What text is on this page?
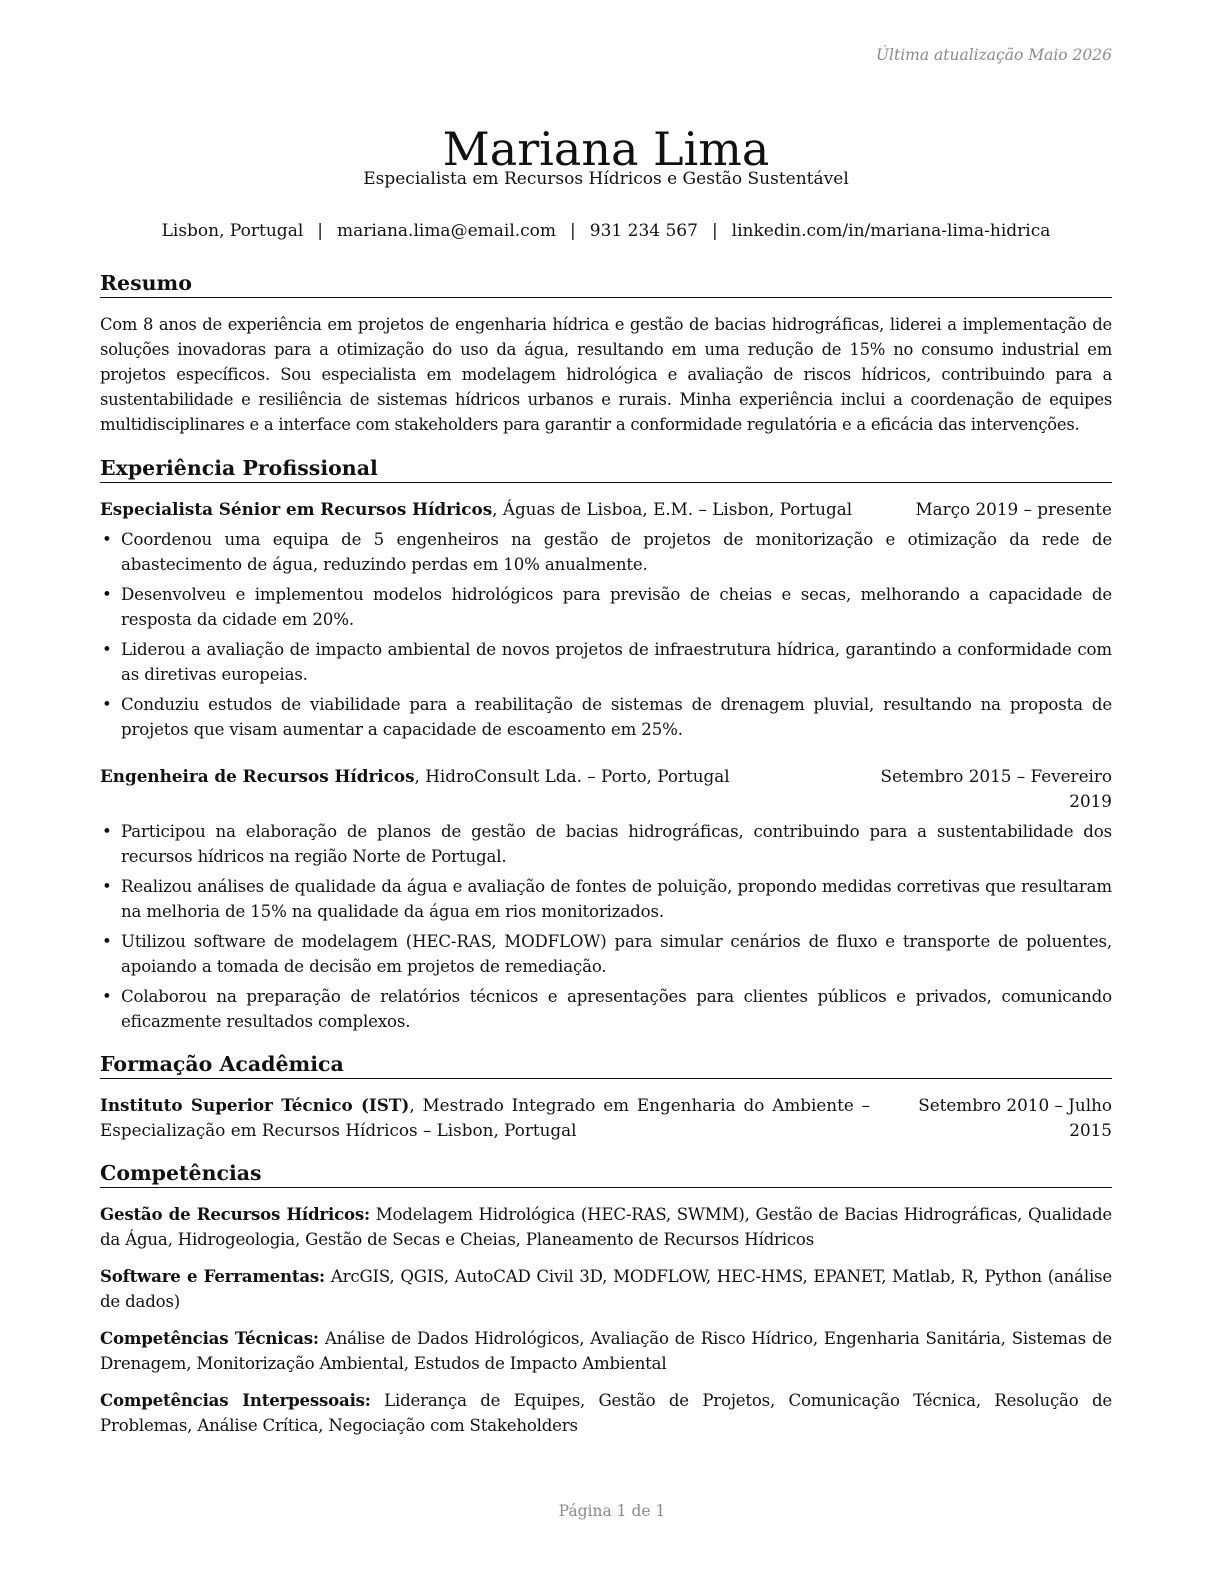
Última atualização Maio 2026
Mariana Lima
Especialista em Recursos Hídricos e Gestão Sustentável
Lisbon, Portugal | mariana.lima@email.com | 931 234 567 | linkedin.com/in/mariana-lima-hidrica
Resumo
Com 8 anos de experiência em projetos de engenharia hídrica e gestão de bacias hidrográficas, liderei a implementação de soluções inovadoras para a otimização do uso da água, resultando em uma redução de 15% no consumo industrial em projetos específicos. Sou especialista em modelagem hidrológica e avaliação de riscos hídricos, contribuindo para a sustentabilidade e resiliência de sistemas hídricos urbanos e rurais. Minha experiência inclui a coordenação de equipes multidisciplinares e a interface com stakeholders para garantir a conformidade regulatória e a eficácia das intervenções.
Experiência Profissional
Especialista Sénior em Recursos Hídricos, Águas de Lisboa, E.M. – Lisbon, Portugal	Março 2019 – presente
• Coordenou uma equipa de 5 engenheiros na gestão de projetos de monitorização e otimização da rede de abastecimento de água, reduzindo perdas em 10% anualmente.
• Desenvolveu e implementou modelos hidrológicos para previsão de cheias e secas, melhorando a capacidade de resposta da cidade em 20%.
• Liderou a avaliação de impacto ambiental de novos projetos de infraestrutura hídrica, garantindo a conformidade com as diretivas europeias.
• Conduziu estudos de viabilidade para a reabilitação de sistemas de drenagem pluvial, resultando na proposta de projetos que visam aumentar a capacidade de escoamento em 25%.
Engenheira de Recursos Hídricos, HidroConsult Lda. – Porto, Portugal	Setembro 2015 – Fevereiro 2019
• Participou na elaboração de planos de gestão de bacias hidrográficas, contribuindo para a sustentabilidade dos recursos hídricos na região Norte de Portugal.
• Realizou análises de qualidade da água e avaliação de fontes de poluição, propondo medidas corretivas que resultaram na melhoria de 15% na qualidade da água em rios monitorizados.
• Utilizou software de modelagem (HEC-RAS, MODFLOW) para simular cenários de fluxo e transporte de poluentes, apoiando a tomada de decisão em projetos de remediação.
• Colaborou na preparação de relatórios técnicos e apresentações para clientes públicos e privados, comunicando eficazmente resultados complexos.
Formação Acadêmica
Instituto Superior Técnico (IST), Mestrado Integrado em Engenharia do Ambiente – Especialização em Recursos Hídricos – Lisbon, Portugal
Setembro 2010 – Julho 2015
Competências
Gestão de Recursos Hídricos: Modelagem Hidrológica (HEC-RAS, SWMM), Gestão de Bacias Hidrográficas, Qualidade da Água, Hidrogeologia, Gestão de Secas e Cheias, Planeamento de Recursos Hídricos
Software e Ferramentas: ArcGIS, QGIS, AutoCAD Civil 3D, MODFLOW, HEC-HMS, EPANET, Matlab, R, Python (análise de dados)
Competências Técnicas: Análise de Dados Hidrológicos, Avaliação de Risco Hídrico, Engenharia Sanitária, Sistemas de Drenagem, Monitorização Ambiental, Estudos de Impacto Ambiental
Competências Interpessoais: Liderança de Equipes, Gestão de Projetos, Comunicação Técnica, Resolução de Problemas, Análise Crítica, Negociação com Stakeholders
Página 1 de 1
